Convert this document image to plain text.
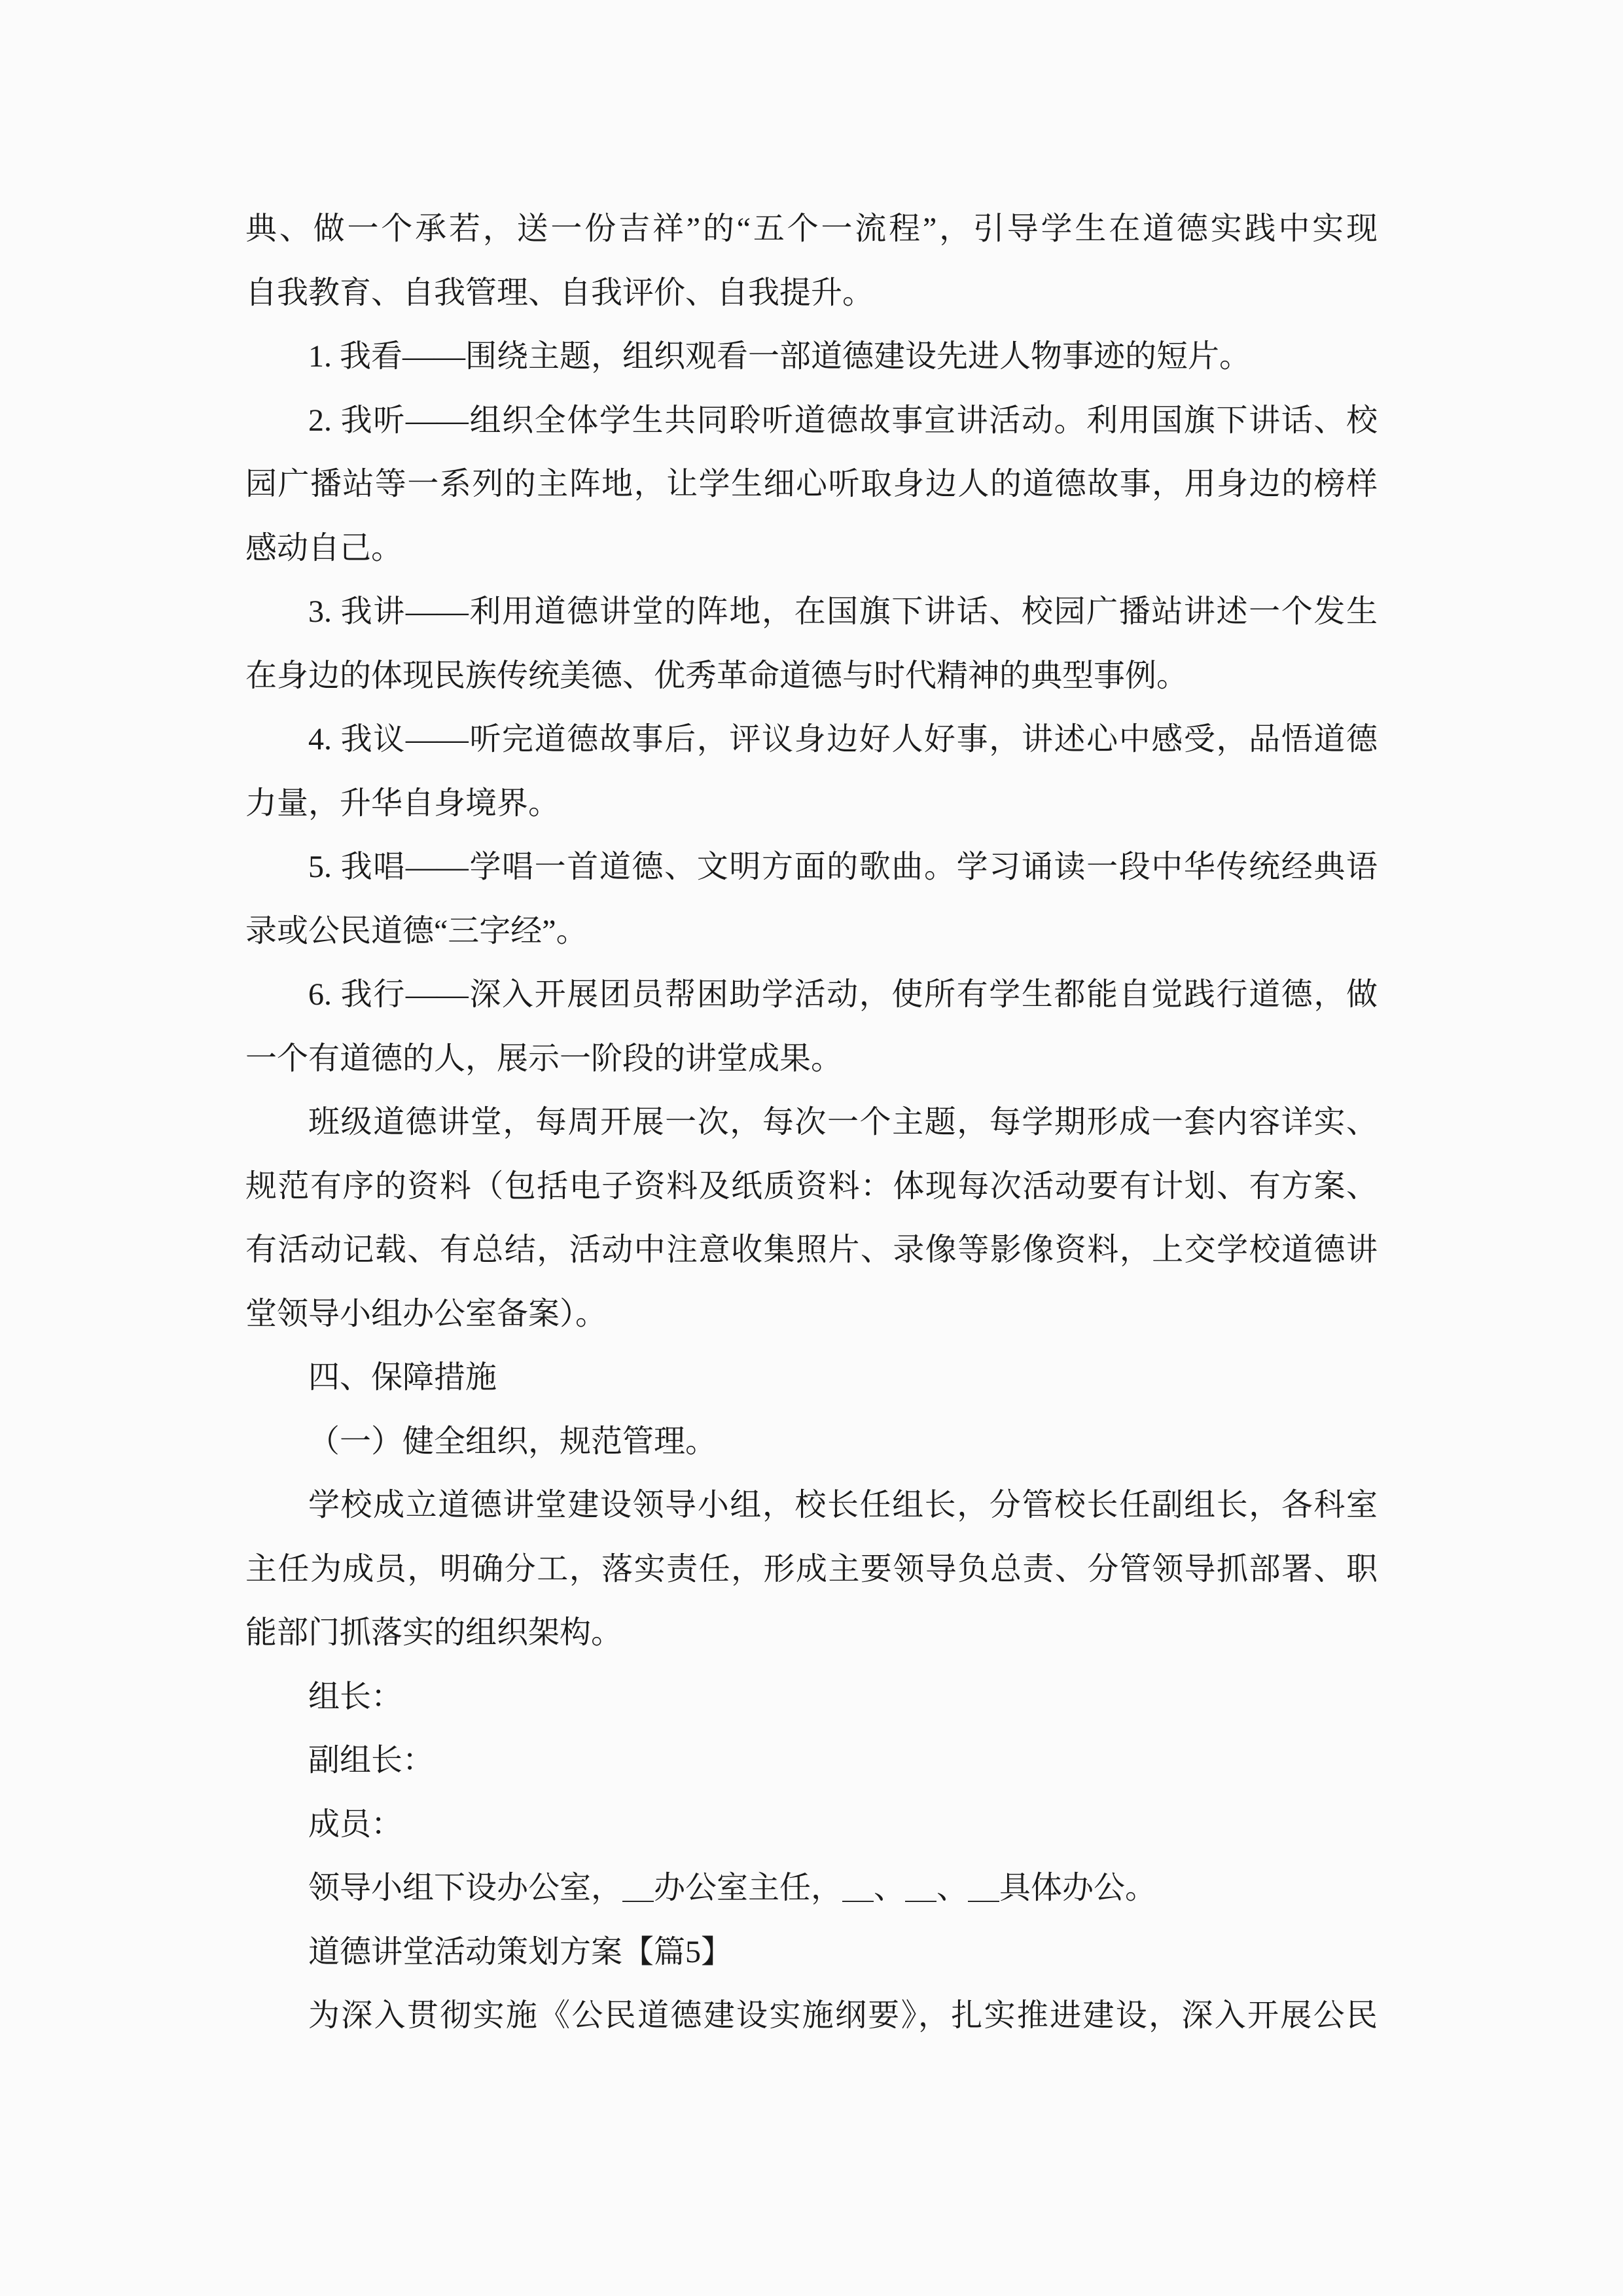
典、做一个承若，送一份吉祥”的“五个一流程”，引导学生在道德实践中实现
自我教育、自我管理、自我评价、自我提升。
1. 我看——围绕主题，组织观看一部道德建设先进人物事迹的短片。
2. 我听——组织全体学生共同聆听道德故事宣讲活动。利用国旗下讲话、校
园广播站等一系列的主阵地，让学生细心听取身边人的道德故事，用身边的榜样
感动自己。
3. 我讲——利用道德讲堂的阵地，在国旗下讲话、校园广播站讲述一个发生
在身边的体现民族传统美德、优秀革命道德与时代精神的典型事例。
4. 我议——听完道德故事后，评议身边好人好事，讲述心中感受，品悟道德
力量，升华自身境界。
5. 我唱——学唱一首道德、文明方面的歌曲。学习诵读一段中华传统经典语
录或公民道德“三字经”。
6. 我行——深入开展团员帮困助学活动，使所有学生都能自觉践行道德，做
一个有道德的人，展示一阶段的讲堂成果。
班级道德讲堂，每周开展一次，每次一个主题，每学期形成一套内容详实、
规范有序的资料（包括电子资料及纸质资料：体现每次活动要有计划、有方案、
有活动记载、有总结，活动中注意收集照片、录像等影像资料，上交学校道德讲
堂领导小组办公室备案）。
四、保障措施
（一）健全组织，规范管理。
学校成立道德讲堂建设领导小组，校长任组长，分管校长任副组长，各科室
主任为成员，明确分工，落实责任，形成主要领导负总责、分管领导抓部署、职
能部门抓落实的组织架构。
组长：
副组长：
成员：
领导小组下设办公室，＿办公室主任，＿、＿、＿具体办公。
道德讲堂活动策划方案【篇5】
为深入贯彻实施《公民道德建设实施纲要》，扎实推进建设，深入开展公民
